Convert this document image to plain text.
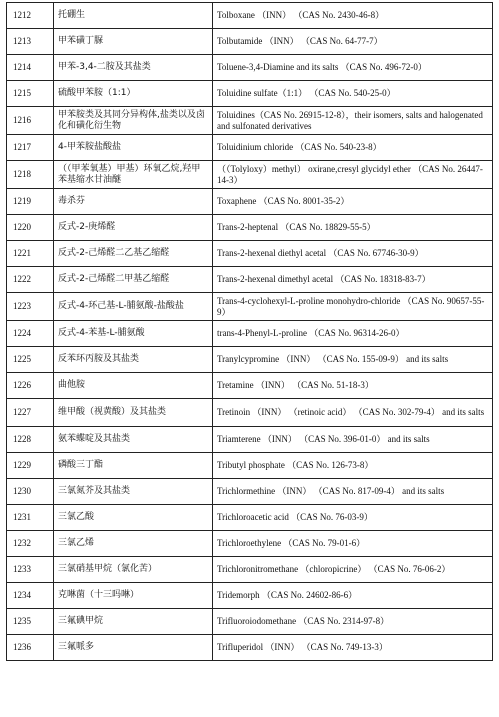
1212	托硼生	Tolboxane （INN） （CAS No. 2430-46-8）
1213	甲苯磺丁脲	Tolbutamide （INN） （CAS No. 64-77-7）
1214	甲苯-3,4-二胺及其盐类	Toluene-3,4-Diamine and its salts （CAS No. 496-72-0）
1215	硫酸甲苯胺（1:1）	Toluidine sulfate（1:1） （CAS No. 540-25-0）
1216	甲苯胺类及其同分异构体,盐类以及卤化和磺化衍生物	Toluidines（CAS No. 26915-12-8），their isomers, salts and halogenated and sulfonated derivatives
1217	4-甲苯胺盐酸盐	Toluidinium chloride （CAS No. 540-23-8）
1218	（（甲苯氧基）甲基）环氧乙烷,羟甲苯基缩水甘油醚	（（Tolyloxy）methyl） oxirane,cresyl glycidyl ether （CAS No. 26447-14-3）
1219	毒杀芬	Toxaphene （CAS No. 8001-35-2）
1220	反式-2-庚烯醛	Trans-2-heptenal （CAS No. 18829-55-5）
1221	反式-2-己烯醛二乙基乙缩醛	Trans-2-hexenal diethyl acetal （CAS No. 67746-30-9）
1222	反式-2-己烯醛二甲基乙缩醛	Trans-2-hexenal dimethyl acetal （CAS No. 18318-83-7）
1223	反式-4-环己基-L-脯氨酸-盐酸盐	Trans-4-cyclohexyl-L-proline monohydro-chloride （CAS No. 90657-55-9）
1224	反式-4-苯基-L-脯氨酸	trans-4-Phenyl-L-proline （CAS No. 96314-26-0）
1225	反苯环丙胺及其盐类	Tranylcypromine （INN） （CAS No. 155-09-9） and its salts
1226	曲他胺	Tretamine （INN） （CAS No. 51-18-3）
1227	维甲酸（视黄酸）及其盐类	Tretinoin （INN） （retinoic acid） （CAS No. 302-79-4） and its salts
1228	氨苯蝶啶及其盐类	Triamterene （INN） （CAS No. 396-01-0） and its salts
1229	磷酸三丁酯	Tributyl phosphate （CAS No. 126-73-8）
1230	三氯氮芥及其盐类	Trichlormethine （INN） （CAS No. 817-09-4） and its salts
1231	三氯乙酸	Trichloroacetic acid （CAS No. 76-03-9）
1232	三氯乙烯	Trichloroethylene （CAS No. 79-01-6）
1233	三氯硝基甲烷（氯化苦）	Trichloronitromethane （chloropicrine） （CAS No. 76-06-2）
1234	克啉菌（十三吗啉）	Tridemorph （CAS No. 24602-86-6）
1235	三氟碘甲烷	Trifluoroiodomethane （CAS No. 2314-97-8）
1236	三氟哌多	Trifluperidol （INN） （CAS No. 749-13-3）
